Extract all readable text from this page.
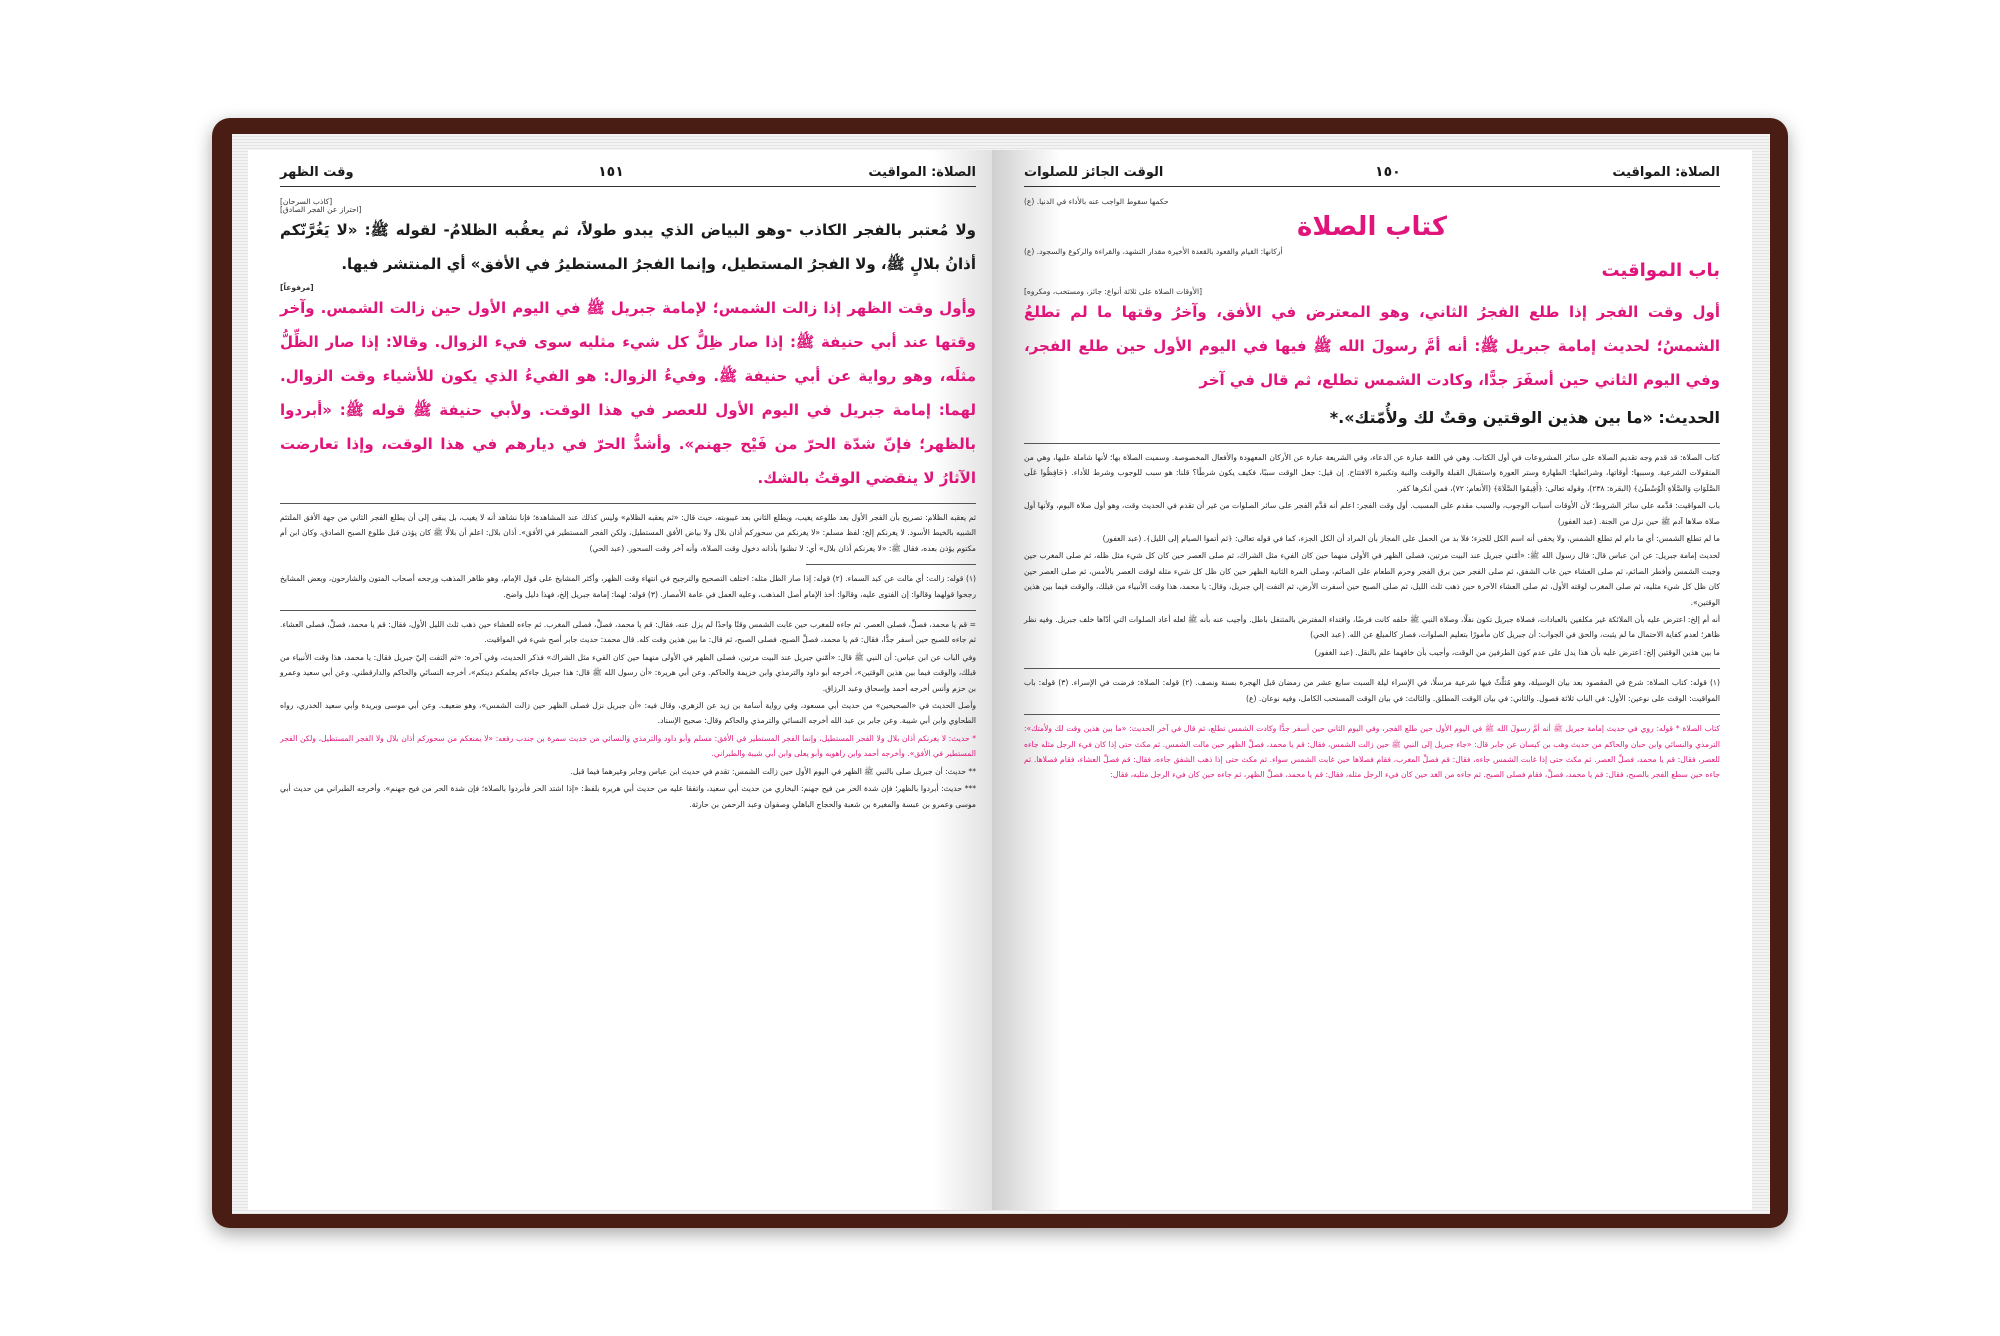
الصلاة: المواقيت
١٥١
وقت الظهر
[كاذب السرحان]
[احتراز عن الفجر الصادق]

ولا مُعتبر بالفجر الكاذب -وهو البياض الذي يبدو طولاً، ثم يعقُبه الظلامُ- لقوله ﷺ: «لا يَغُرَّنّكم أذانُ بلالٍ ﷺ، ولا الفجرُ المستطيل، وإنما الفجرُ المستطيرُ في الأفق» أي المنتشر فيها.

[مرفوعاً]

وأول وقت الظهر إذا زالت الشمس؛ لإمامة جبريل ﷺ في اليوم الأول حين زالت الشمس. وآخر وقتها عند أبي حنيفة ﷺ: إذا صار ظِلُّ كل شيء مثليه سوى فيء الزوال. وقالا: إذا صار الظِّلُّ مثلَه، وهو رواية عن أبي حنيفة ﷺ. وفيءُ الزوال: هو الفيءُ الذي يكون للأشياء وقت الزوال. لهما: إمامة جبريل في اليوم الأول للعصر في هذا الوقت. ولأبي حنيفة ﷺ قوله ﷺ: «أبردوا بالظهر؛ فإنّ شدّة الحرّ من فَيْح جهنم». وأشدُّ الحرّ في ديارهم في هذا الوقت، وإذا تعارضت الآثارُ لا ينقضي الوقتُ بالشك.

ثم يعقبه الظلام: تصريح بأن الفجر الأول بعد طلوعه يغيب، ويطلع الثاني بعد غيبوبته، حيث قال: «ثم يعقبه الظلام» وليس كذلك عند المشاهدة؛ فإنا نشاهد أنه لا يغيب، بل يبقى إلى أن يطلع الفجر الثاني من جهة الأفق الملتئم الشبيه بالخيط الأسود. لا يغرنكم إلخ: لفظ مسلم: «لا يغرنكم من سحوركم أذان بلال ولا بياض الأفق المستطيل، ولكن الفجر المستطير في الأفق». أذان بلال: اعلم أن بلالًا ﷺ كان يؤذن قبل طلوع الصبح الصادق، وكان ابن أم مكتوم يؤذن بعده، فقال ﷺ: «لا يغرنكم أذان بلال» أي: لا تظنوا بأذانه دخول وقت الصلاة، وأنه آخر وقت السحور. (عبد الحي)

(١) قوله: زالت: أي مالت عن كبد السماء. (٢) قوله: إذا صار الظل مثله: اختلف التصحيح والترجيح في انتهاء وقت الظهر، وأكثر المشايخ على قول الإمام، وهو ظاهر المذهب ورجحه أصحاب المتون والشارحون، وبعض المشايخ رجحوا قولهما وقالوا: إن الفتوى عليه، وقالوا: أخذ الإمام أصل المذهب، وعليه العمل في عامة الأمصار. (٣) قوله: لهما: إمامة جبريل إلخ، فهذا دليل واضح.

= قم يا محمد، فصلِّ، فصلى العصر. ثم جاءه للمغرب حين غابت الشمس وقتًا واحدًا لم يزل عنه، فقال: قم يا محمد، فصلِّ، فصلى المغرب. ثم جاءه للعشاء حين ذهب ثلث الليل الأول، فقال: قم يا محمد، فصلِّ، فصلى العشاء. ثم جاءه للصبح حين أسفر جدًّا، فقال: قم يا محمد، فصلِّ الصبح، فصلى الصبح، ثم قال: ما بين هذين وقت كله. قال محمد: حديث جابر أصح شيء في المواقيت.

وفي الباب عن ابن عباس: أن النبي ﷺ قال: «أمّني جبريل عند البيت مرتين، فصلى الظهر في الأولى منهما حين كان الفيء مثل الشراك» فذكر الحديث، وفي آخره: «ثم التفت إليّ جبريل فقال: يا محمد، هذا وقت الأنبياء من قبلك، والوقت فيما بين هذين الوقتين»، أخرجه أبو داود والترمذي وابن خزيمة والحاكم. وعن أبي هريرة: «أن رسول الله ﷺ قال: هذا جبريل جاءكم يعلمكم دينكم»، أخرجه النسائي والحاكم والدارقطني. وعن أبي سعيد وعمرو بن حزم وأنس أخرجه أحمد وإسحاق وعبد الرزاق.

وأصل الحديث في «الصحيحين» من حديث أبي مسعود، وفي رواية أسامة بن زيد عن الزهري، وقال فيه: «أن جبريل نزل فصلى الظهر حين زالت الشمس»، وهو ضعيف. وعن أبي موسى وبريدة وأبي سعيد الخدري، رواه الطحاوي وابن أبي شيبة. وعن جابر بن عبد الله أخرجه النسائي والترمذي والحاكم وقال: صحيح الإسناد.

* حديث: لا يغرنكم أذان بلال ولا الفجر المستطيل، وإنما الفجر المستطير في الأفق: مسلم وأبو داود والترمذي والنسائي من حديث سمرة بن جندب رفعه: «لا يمنعكم من سحوركم أذان بلال ولا الفجر المستطيل، ولكن الفجر المستطير في الأفق». وأخرجه أحمد وابن راهويه وأبو يعلى وابن أبي شيبة والطبراني.

** حديث: أن جبريل صلى بالنبي ﷺ الظهر في اليوم الأول حين زالت الشمس: تقدم في حديث ابن عباس وجابر وغيرهما فيما قبل.

*** حديث: أبردوا بالظهر؛ فإن شدة الحر من فيح جهنم: البخاري من حديث أبي سعيد، واتفقا عليه من حديث أبي هريرة بلفظ: «إذا اشتد الحر فأبردوا بالصلاة؛ فإن شدة الحر من فيح جهنم». وأخرجه الطبراني من حديث أبي موسى وعمرو بن عبسة والمغيرة بن شعبة والحجاج الباهلي وصفوان وعبد الرحمن بن حارثة.

الصلاة: المواقيت
١٥٠
الوقت الجائز للصلوات
حكمها سقوط الواجب عنه بالأداء في الدنيا. (ع)
كتاب الصلاة
أركانها: القيام والقعود بالقعدة الأخيرة مقدار التشهد، والقراءة والركوع والسجود. (ع)
باب المواقيت
[الأوقات الصلاة على ثلاثة أنواع: جائز، ومستحب، ومكروه]

أول وقت الفجر إذا طلع الفجرُ الثاني، وهو المعترض في الأفق، وآخرُ وقتها ما لم تطلعُ الشمسُ؛ لحديث إمامة جبريل ﷺ: أنه أمَّ رسولَ الله ﷺ فيها في اليوم الأول حين طلع الفجر، وفي اليوم الثاني حين أسفَرَ جدًّا، وكادت الشمس تطلع، ثم قال في آخر

الحديث: «ما بين هذين الوقتين وقتٌ لك ولأُمّتك».*

كتاب الصلاة: قد قدم وجه تقديم الصلاة على سائر المشروعات في أول الكتاب. وهي في اللغة عبارة عن الدعاء، وفي الشريعة عبارة عن الأركان المعهودة والأفعال المخصوصة. وسميت الصلاة بها؛ لأنها شاملة عليها، وهي من المنقولات الشرعية. وسببها: أوقاتها، وشرائطها: الطهارة وستر العورة واستقبال القبلة والوقت والنية وتكبيرة الافتتاح. إن قيل: جعل الوقت سببًا، فكيف يكون شرطًا؟ قلنا: هو سبب للوجوب وشرط للأداء. ﴿حَافِظُوا عَلَى الصَّلَوَاتِ وَالصَّلَاةِ الْوُسْطَىٰ﴾ (البقرة: ٢٣٨)، وقوله تعالى: ﴿أَقِيمُوا الصَّلَاةَ﴾ (الأنعام: ٧٢)، فمن أنكرها كفر.

باب المواقيت: قدَّمه على سائر الشروط؛ لأن الأوقات أسباب الوجوب، والسبب مقدم على المسبب. أول وقت الفجر: اعلم أنه قدَّم الفجر على سائر الصلوات من غير أن تقدم في الحديث وقت، وهو أول صلاة اليوم، ولأنها أول صلاة صلاها آدم ﷺ حين نزل من الجنة. (عبد الغفور)

ما لم تطلع الشمس: أي ما دام لم تطلع الشمس، ولا يخفى أنه اسم الكل للجزء؛ فلا بد من الحمل على المجاز بأن المراد أن الكل الجزء، كما في قوله تعالى: ﴿ثم أتموا الصيام إلى الليل﴾. (عبد الغفور)

لحديث إمامة جبريل: عن ابن عباس قال: قال رسول الله ﷺ: «أمّني جبريل عند البيت مرتين، فصلى الظهر في الأولى منهما حين كان الفيء مثل الشراك، ثم صلى العصر حين كان كل شيء مثل ظله، ثم صلى المغرب حين وجبت الشمس وأفطر الصائم، ثم صلى العشاء حين غاب الشفق، ثم صلى الفجر حين برق الفجر وحرم الطعام على الصائم، وصلى المرة الثانية الظهر حين كان ظل كل شيء مثله لوقت العصر بالأمس، ثم صلى العصر حين كان ظل كل شيء مثليه، ثم صلى المغرب لوقته الأول، ثم صلى العشاء الآخرة حين ذهب ثلث الليل، ثم صلى الصبح حين أسفرت الأرض، ثم التفت إلي جبريل، وقال: يا محمد، هذا وقت الأنبياء من قبلك، والوقت فيما بين هذين الوقتين».

أنه أم إلخ: اعترض عليه بأن الملائكة غير مكلفين بالعبادات، فصلاة جبريل تكون نفلًا، وصلاة النبي ﷺ حلفه كانت فرضًا، واقتداء المفترض بالمتنفل باطل. وأجيب عنه بأنه ﷺ لعله أعاد الصلوات التي أدّاها خلف جبريل. وفيه نظر ظاهر؛ لعدم كفاية الاحتمال ما لم يثبت، والحق في الجواب: أن جبريل كان مأمورًا بتعليم الصلوات، فصار كالمبلغ عن الله. (عبد الحي)

ما بين هذين الوقتين إلخ: اعترض عليه بأن هذا يدل على عدم كون الطرفين من الوقت، وأجيب بأن خافهما علم بالنقل. (عبد الغفور)

(١) قوله: كتاب الصلاة: شرع في المقصود بعد بيان الوسيلة، وهو مُثلَّثٌ فيها شرعية مرسلًا، في الإسراء ليلة السبت سابع عشر من رمضان قبل الهجرة بسنة ونصف. (٢) قوله: الصلاة: فرضت في الإسراء. (٣) قوله: باب المواقيت: الوقت على نوعين: الأول: في الباب ثلاثة فصول. والثاني: في بيان الوقت المطلق. والثالث: في بيان الوقت المستحب الكامل، وفيه نوعان. (ع)

كتاب الصلاة * قوله: روي في حديث إمامة جبريل ﷺ أنه أمَّ رسولَ الله ﷺ في اليوم الأول حين طلع الفجر، وفي اليوم الثاني حين أسفر جدًّا وكادت الشمس تطلع، ثم قال في آخر الحديث: «ما بين هذين وقت لك ولأمتك»: الترمذي والنسائي وابن حبان والحاكم من حديث وهب بن كيسان عن جابر قال: «جاء جبريل إلى النبي ﷺ حين زالت الشمس، فقال: قم يا محمد، فصلِّ الظهر حين مالت الشمس. ثم مكث حتى إذا كان فيء الرجل مثله جاءه للعصر، فقال: قم يا محمد، فصلِّ العصر. ثم مكث حتى إذا غابت الشمس جاءه، فقال: قم فصلِّ المغرب، فقام فصلاها حين غابت الشمس سواء. ثم مكث حتى إذا ذهب الشفق جاءه، فقال: قم فصلِّ العشاء، فقام فصلاها. ثم جاءه حين سطع الفجر بالصبح، فقال: قم يا محمد، فصلِّ، فقام فصلى الصبح. ثم جاءه من الغد حين كان فيء الرجل مثله، فقال: قم يا محمد، فصلِّ الظهر، ثم جاءه حين كان فيء الرجل مثليه، فقال:
